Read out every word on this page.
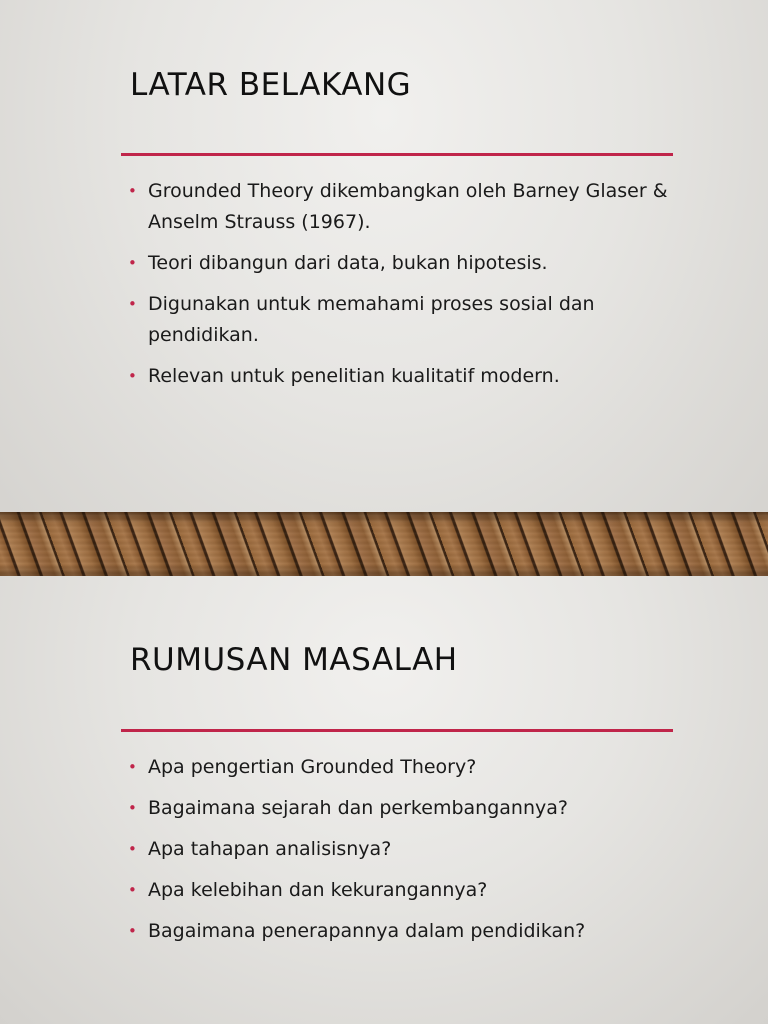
LATAR BELAKANG
• Grounded Theory dikembangkan oleh Barney Glaser & Anselm Strauss (1967).
• Teori dibangun dari data, bukan hipotesis.
• Digunakan untuk memahami proses sosial dan pendidikan.
• Relevan untuk penelitian kualitatif modern.
RUMUSAN MASALAH
• Apa pengertian Grounded Theory?
• Bagaimana sejarah dan perkembangannya?
• Apa tahapan analisisnya?
• Apa kelebihan dan kekurangannya?
• Bagaimana penerapannya dalam pendidikan?
